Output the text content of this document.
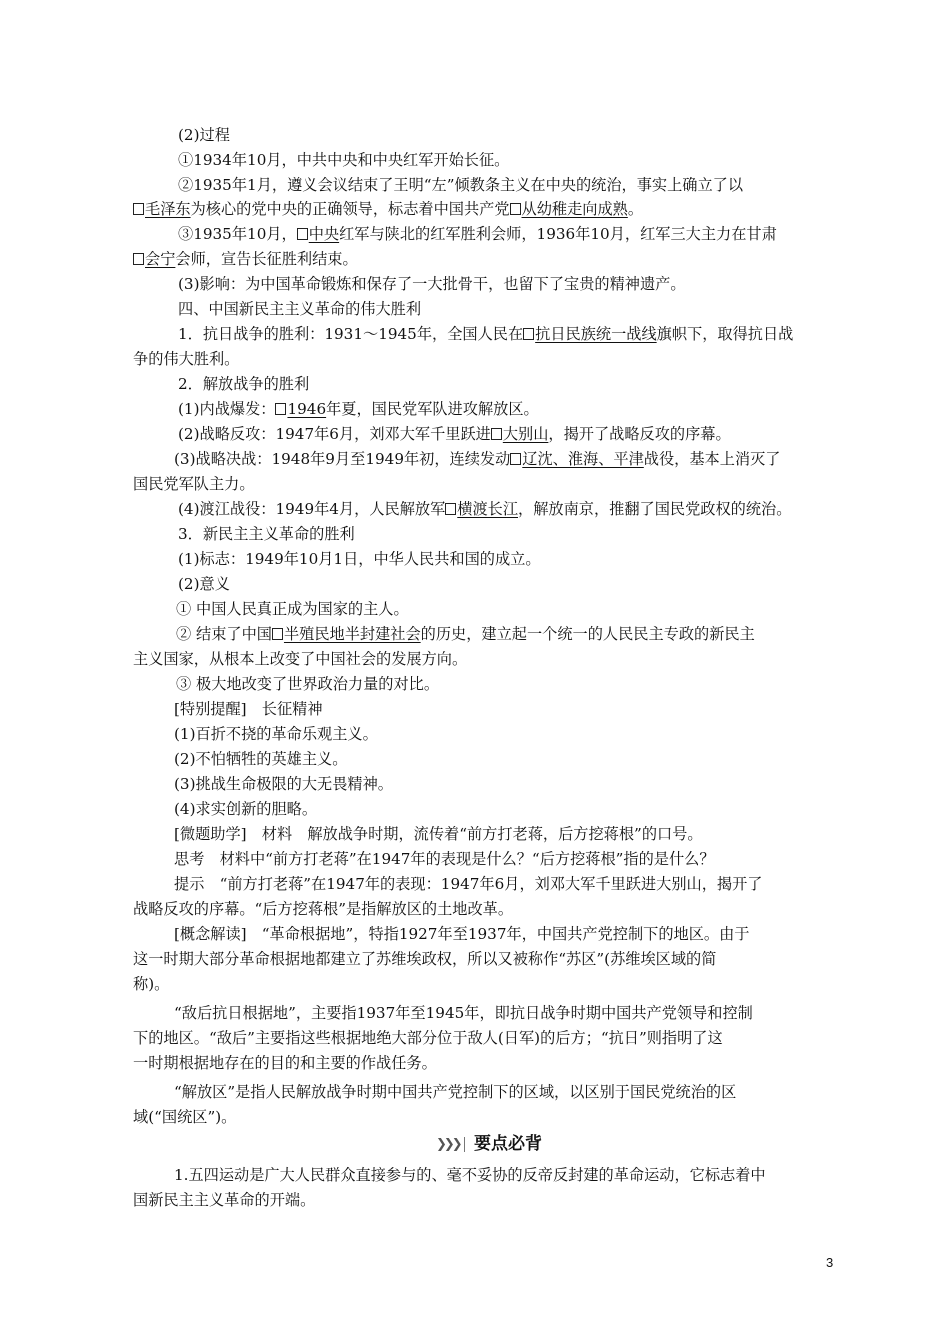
(2)过程
①1934年10月，中共中央和中央红军开始长征。
②1935年1月，遵义会议结束了王明“左”倾教条主义在中央的统治，事实上确立了以
毛泽东为核心的党中央的正确领导，标志着中国共产党 从幼稚走向成熟。
③1935年10月， 中央红军与陕北的红军胜利会师，1936年10月，红军三大主力在甘肃
会宁会师，宣告长征胜利结束。
(3)影响：为中国革命锻炼和保存了一大批骨干，也留下了宝贵的精神遗产。
四、中国新民主主义革命的伟大胜利
1．抗日战争的胜利：1931～1945年，全国人民在 抗日民族统一战线旗帜下，取得抗日战
争的伟大胜利。
2．解放战争的胜利
(1)内战爆发： 1946年夏，国民党军队进攻解放区。
(2)战略反攻：1947年6月，刘邓大军千里跃进 大别山，揭开了战略反攻的序幕。
(3)战略决战：1948年9月至1949年初，连续发动 辽沈、淮海、平津战役，基本上消灭了
国民党军队主力。
(4)渡江战役：1949年4月，人民解放军 横渡长江，解放南京，推翻了国民党政权的统治。
3．新民主主义革命的胜利
(1)标志：1949年10月1日，中华人民共和国的成立。
(2)意义
① 中国人民真正成为国家的主人。
② 结束了中国 半殖民地半封建社会的历史，建立起一个统一的人民民主专政的新民主
主义国家，从根本上改变了中国社会的发展方向。
③ 极大地改变了世界政治力量的对比。
[特别提醒]　长征精神
(1)百折不挠的革命乐观主义。
(2)不怕牺牲的英雄主义。
(3)挑战生命极限的大无畏精神。
(4)求实创新的胆略。
[微题助学]　材料　解放战争时期，流传着“前方打老蒋，后方挖蒋根”的口号。
思考　材料中“前方打老蒋”在1947年的表现是什么？“后方挖蒋根”指的是什么？
提示　“前方打老蒋”在1947年的表现：1947年6月，刘邓大军千里跃进大别山，揭开了
战略反攻的序幕。“后方挖蒋根”是指解放区的土地改革。
[概念解读]　“革命根据地”，特指1927年至1937年，中国共产党控制下的地区。由于
这一时期大部分革命根据地都建立了苏维埃政权，所以又被称作“苏区”(苏维埃区域的简
称)。
“敌后抗日根据地”，主要指1937年至1945年，即抗日战争时期中国共产党领导和控制
下的地区。“敌后”主要指这些根据地绝大部分位于敌人(日军)的后方；“抗日”则指明了这
一时期根据地存在的目的和主要的作战任务。
“解放区”是指人民解放战争时期中国共产党控制下的区域，以区别于国民党统治的区
域(“国统区”)。
1.五四运动是广大人民群众直接参与的、毫不妥协的反帝反封建的革命运动，它标志着中
国新民主主义革命的开端。
❯❯❯ 要点必背
3
